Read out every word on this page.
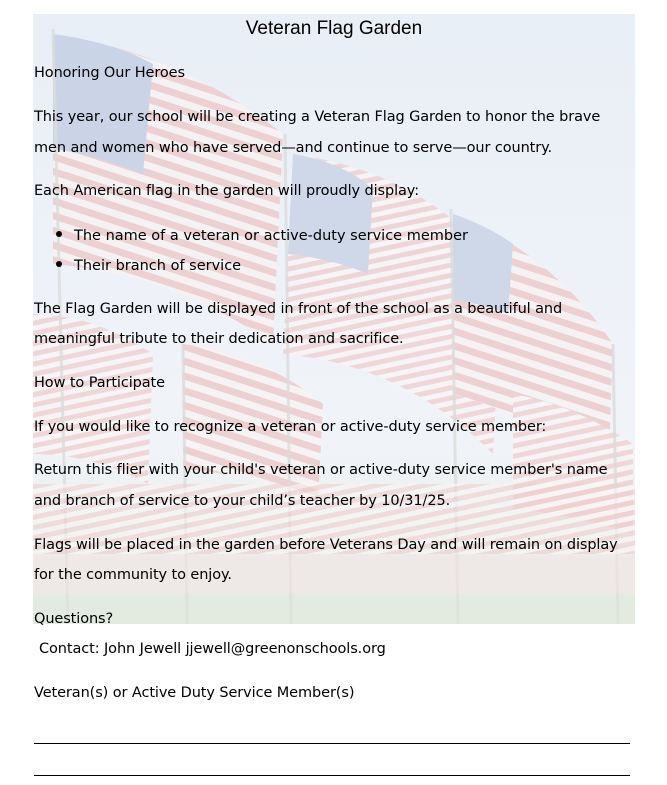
Veteran Flag Garden
Honoring Our Heroes
This year, our school will be creating a Veteran Flag Garden to honor the brave
men and women who have served—and continue to serve—our country.
Each American flag in the garden will proudly display:
The name of a veteran or active-duty service member
Their branch of service
The Flag Garden will be displayed in front of the school as a beautiful and
meaningful tribute to their dedication and sacrifice.
How to Participate
If you would like to recognize a veteran or active-duty service member:
Return this flier with your child's veteran or active-duty service member's name
and branch of service to your child’s teacher by 10/31/25.
Flags will be placed in the garden before Veterans Day and will remain on display
for the community to enjoy.
Questions?
Contact: John Jewell jjewell@greenonschools.org
Veteran(s) or Active Duty Service Member(s)
